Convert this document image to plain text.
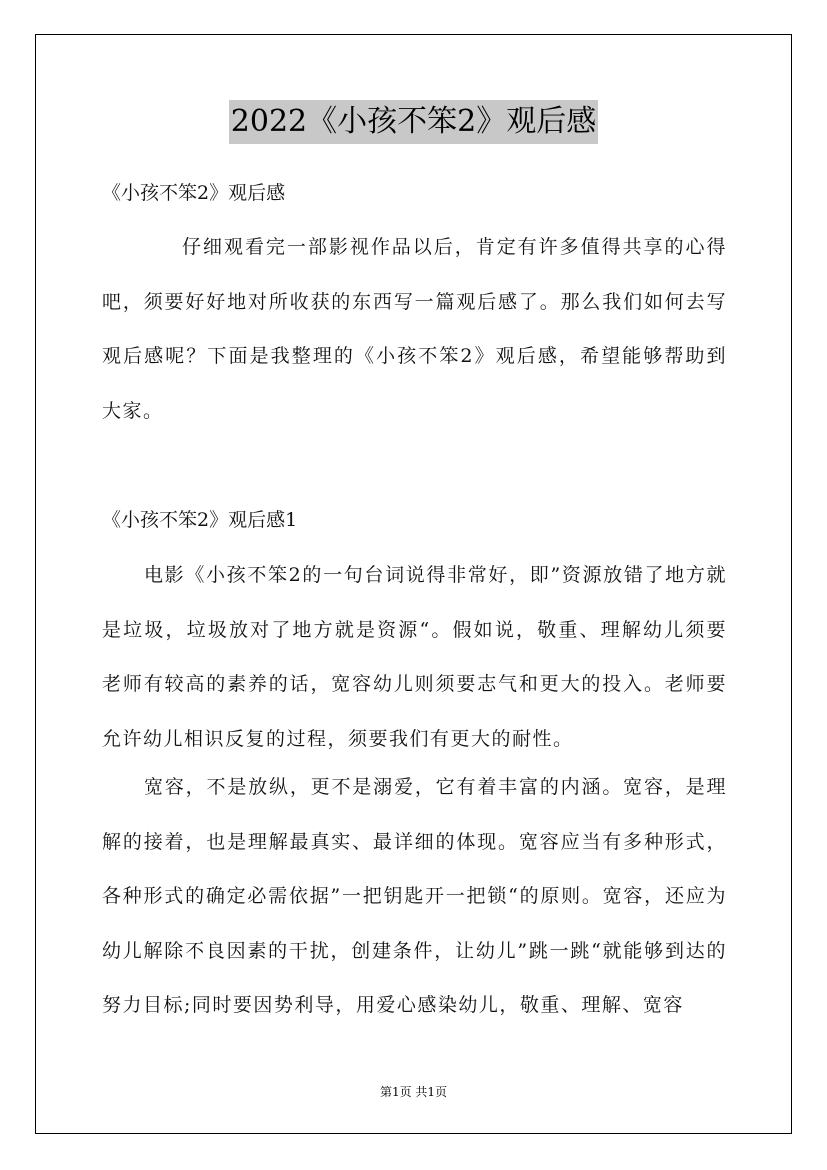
2022《小孩不笨2》观后感

《小孩不笨2》观后感

仔细观看完一部影视作品以后，肯定有许多值得共享的心得吧，须要好好地对所收获的东西写一篇观后感了。那么我们如何去写观后感呢？下面是我整理的《小孩不笨2》观后感，希望能够帮助到大家。

《小孩不笨2》观后感1

电影《小孩不笨2的一句台词说得非常好，即”资源放错了地方就是垃圾，垃圾放对了地方就是资源“。假如说，敬重、理解幼儿须要老师有较高的素养的话，宽容幼儿则须要志气和更大的投入。老师要允许幼儿相识反复的过程，须要我们有更大的耐性。

宽容，不是放纵，更不是溺爱，它有着丰富的内涵。宽容，是理解的接着，也是理解最真实、最详细的体现。宽容应当有多种形式，各种形式的确定必需依据”一把钥匙开一把锁“的原则。宽容，还应为幼儿解除不良因素的干扰，创建条件，让幼儿”跳一跳“就能够到达的努力目标;同时要因势利导，用爱心感染幼儿，敬重、理解、宽容

第1页 共1页
